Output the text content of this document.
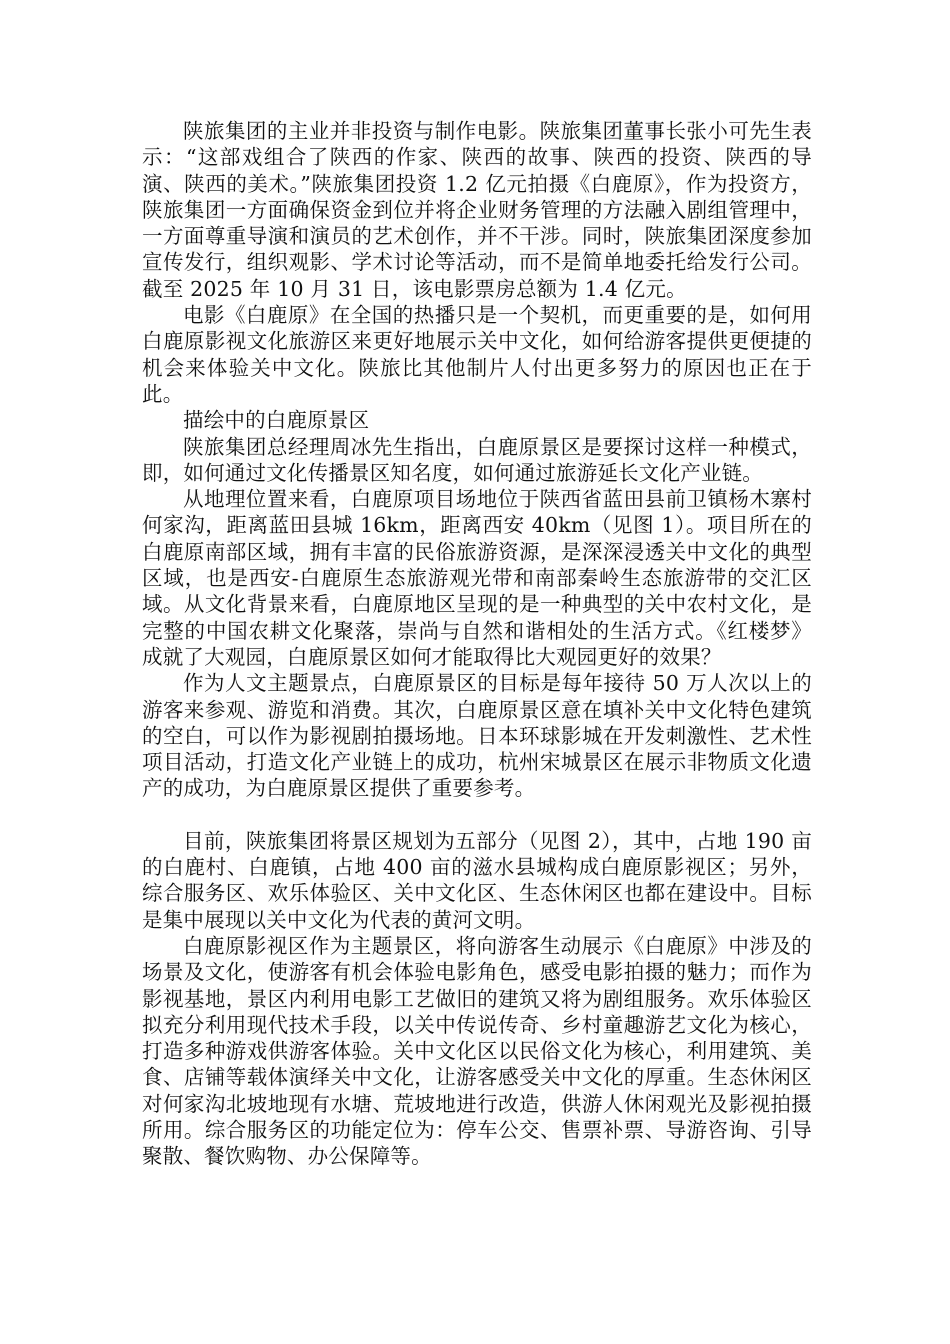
陕旅集团的主业并非投资与制作电影。陕旅集团董事长张小可先生表示：“这部戏组合了陕西的作家、陕西的故事、陕西的投资、陕西的导演、陕西的美术。”陕旅集团投资 1.2 亿元拍摄《白鹿原》，作为投资方，陕旅集团一方面确保资金到位并将企业财务管理的方法融入剧组管理中，一方面尊重导演和演员的艺术创作，并不干涉。同时，陕旅集团深度参加宣传发行，组织观影、学术讨论等活动，而不是简单地委托给发行公司。截至 2025 年 10 月 31 日，该电影票房总额为 1.4 亿元。

电影《白鹿原》在全国的热播只是一个契机，而更重要的是，如何用白鹿原影视文化旅游区来更好地展示关中文化，如何给游客提供更便捷的机会来体验关中文化。陕旅比其他制片人付出更多努力的原因也正在于此。

描绘中的白鹿原景区

陕旅集团总经理周冰先生指出，白鹿原景区是要探讨这样一种模式，即，如何通过文化传播景区知名度，如何通过旅游延长文化产业链。

从地理位置来看，白鹿原项目场地位于陕西省蓝田县前卫镇杨木寨村何家沟，距离蓝田县城 16km，距离西安 40km（见图 1）。项目所在的白鹿原南部区域，拥有丰富的民俗旅游资源，是深深浸透关中文化的典型区域，也是西安-白鹿原生态旅游观光带和南部秦岭生态旅游带的交汇区域。从文化背景来看，白鹿原地区呈现的是一种典型的关中农村文化，是完整的中国农耕文化聚落，崇尚与自然和谐相处的生活方式。《红楼梦》成就了大观园，白鹿原景区如何才能取得比大观园更好的效果？

作为人文主题景点，白鹿原景区的目标是每年接待 50 万人次以上的游客来参观、游览和消费。其次，白鹿原景区意在填补关中文化特色建筑的空白，可以作为影视剧拍摄场地。日本环球影城在开发刺激性、艺术性项目活动，打造文化产业链上的成功，杭州宋城景区在展示非物质文化遗产的成功，为白鹿原景区提供了重要参考。

目前，陕旅集团将景区规划为五部分（见图 2），其中，占地 190 亩的白鹿村、白鹿镇，占地 400 亩的滋水县城构成白鹿原影视区；另外，综合服务区、欢乐体验区、关中文化区、生态休闲区也都在建设中。目标是集中展现以关中文化为代表的黄河文明。

白鹿原影视区作为主题景区，将向游客生动展示《白鹿原》中涉及的场景及文化，使游客有机会体验电影角色，感受电影拍摄的魅力；而作为影视基地，景区内利用电影工艺做旧的建筑又将为剧组服务。欢乐体验区拟充分利用现代技术手段，以关中传说传奇、乡村童趣游艺文化为核心，打造多种游戏供游客体验。关中文化区以民俗文化为核心，利用建筑、美食、店铺等载体演绎关中文化，让游客感受关中文化的厚重。生态休闲区对何家沟北坡地现有水塘、荒坡地进行改造，供游人休闲观光及影视拍摄所用。综合服务区的功能定位为：停车公交、售票补票、导游咨询、引导聚散、餐饮购物、办公保障等。
